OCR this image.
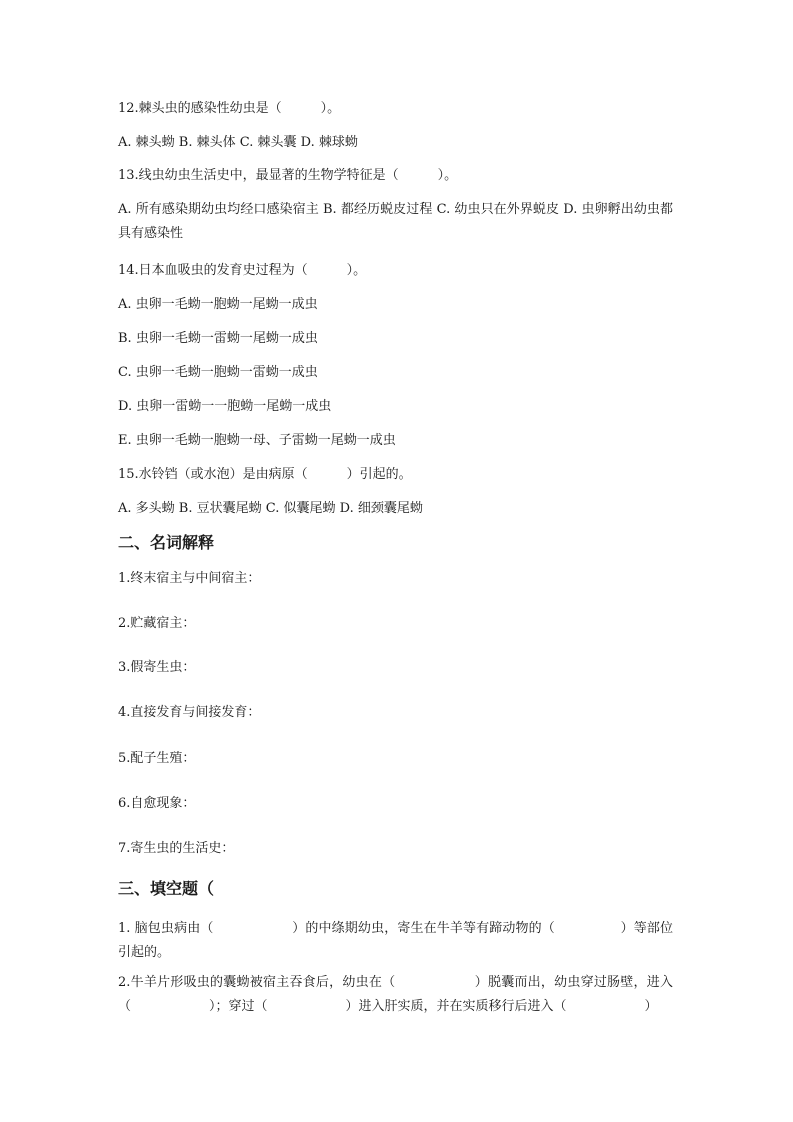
12.棘头虫的感染性幼虫是（　　　）。
A. 棘头蚴 B. 棘头体 C. 棘头囊 D. 棘球蚴
13.线虫幼虫生活史中，最显著的生物学特征是（　　　）。
A. 所有感染期幼虫均经口感染宿主 B. 都经历蜕皮过程 C. 幼虫只在外界蜕皮 D. 虫卵孵出幼虫都具有感染性
14.日本血吸虫的发育史过程为（　　　）。
A. 虫卵一毛蚴一胞蚴一尾蚴一成虫
B. 虫卵一毛蚴一雷蚴一尾蚴一成虫
C. 虫卵一毛蚴一胞蚴一雷蚴一成虫
D. 虫卵一雷蚴一一胞蚴一尾蚴一成虫
E. 虫卵一毛蚴一胞蚴一母、子雷蚴一尾蚴一成虫
15.水铃铛（或水泡）是由病原（　　　）引起的。
A. 多头蚴 B. 豆状囊尾蚴 C. 似囊尾蚴 D. 细颈囊尾蚴
二、名词解释
1.终末宿主与中间宿主：
2.贮藏宿主：
3.假寄生虫：
4.直接发育与间接发育：
5.配子生殖：
6.自愈现象：
7.寄生虫的生活史：
三、填空题（
1. 脑包虫病由（　　　　　　）的中绦期幼虫，寄生在牛羊等有蹄动物的（　　　　　）等部位引起的。
2.牛羊片形吸虫的囊蚴被宿主吞食后，幼虫在（　　　　　　）脱囊而出，幼虫穿过肠壁，进入（　　　　　　）；穿过（　　　　　　）进入肝实质，并在实质移行后进入（　　　　　　）
